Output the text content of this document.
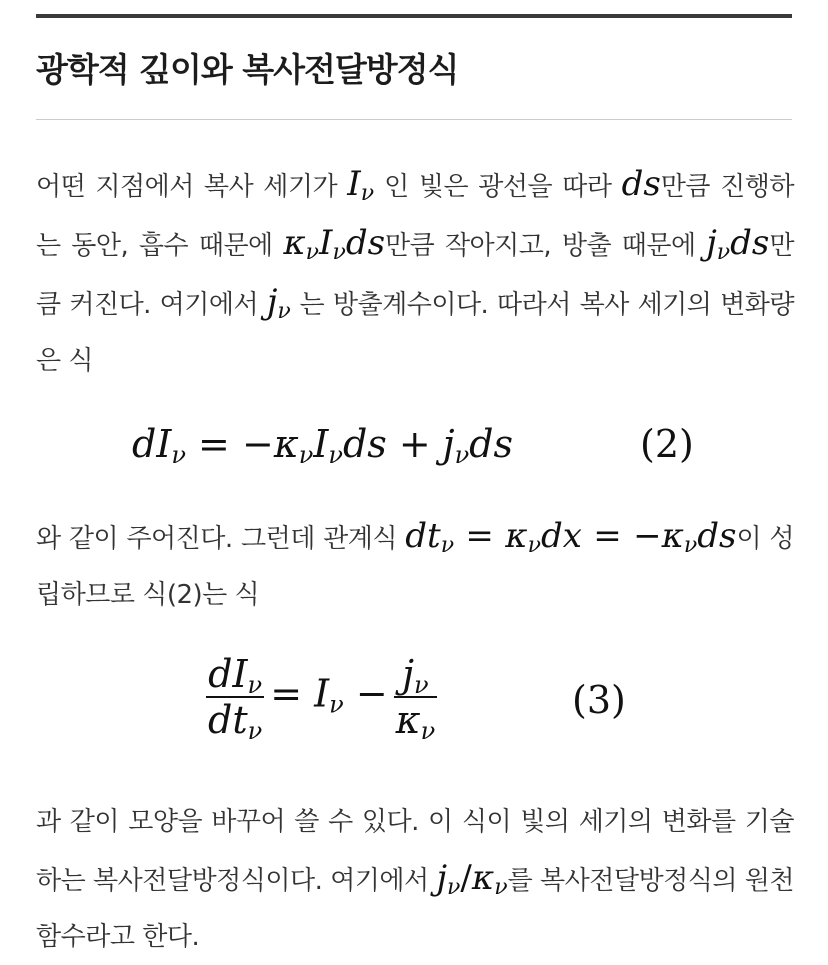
광학적 깊이와 복사전달방정식

어떤 지점에서 복사 세기가 $I_\nu$ 인 빛은 광선을 따라 ds만큼 진행하는 동안, 흡수 때문에 $\kappa_\nu I_\nu ds$만큼 작아지고, 방출 때문에 $j_\nu ds$만큼 커진다. 여기에서 $j_\nu$ 는 방출계수이다. 따라서 복사 세기의 변화량은 식

$dI_\nu = -\kappa_\nu I_\nu ds + j_\nu ds$	(2)

와 같이 주어진다. 그런데 관계식 $dt_\nu = \kappa_\nu dx = -\kappa_\nu ds$이 성립하므로 식(2)는 식

$\frac{dI_\nu}{dt_\nu} = I_\nu - \frac{j_\nu}{\kappa_\nu}$	(3)

과 같이 모양을 바꾸어 쓸 수 있다. 이 식이 빛의 세기의 변화를 기술하는 복사전달방정식이다. 여기에서 $j_\nu/\kappa_\nu$를 복사전달방정식의 원천함수라고 한다.
